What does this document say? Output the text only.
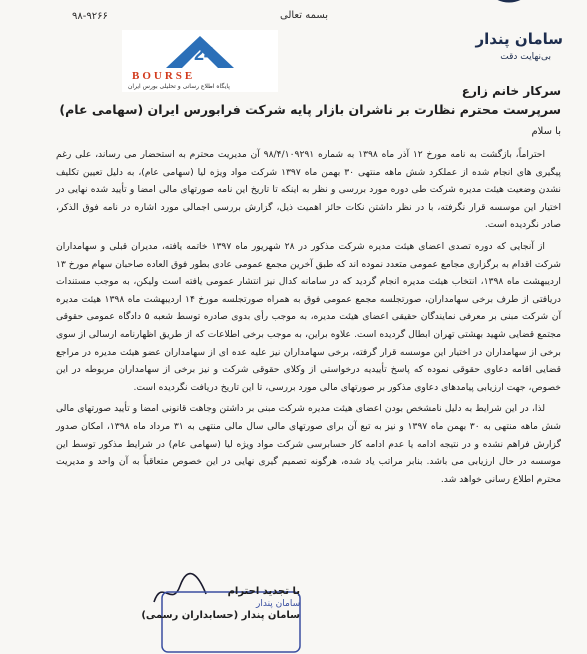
سامان پندار
بی‌نهایت دقت
بسمه تعالی
۹۸-۹۲۶۶
24
BOURSE
پایگاه اطلاع رسانی و تحلیلی بورس ایران	سرکار خانم زارع
سرپرست محترم نظارت بر ناشران بازار پایه شرکت فرابورس ایران (سهامی عام)
با سلام

احتراماً، بازگشت به نامه مورخ ۱۲ آذر ماه ۱۳۹۸ به شماره ۹۸/۴/۱۰۹۲۹۱ آن مدیریت محترم به استحضار می رساند، علی رغم پیگیری های انجام شده از عملکرد شش ماهه منتهی ۳۰ بهمن ماه ۱۳۹۷ شرکت مواد ویژه لیا (سهامی عام)، به دلیل تعیین تکلیف نشدن وضعیت هیئت مدیره شرکت طی دوره مورد بررسی و نظر به اینکه تا تاریخ این نامه صورتهای مالی امضا و تأیید شده نهایی در اختیار این موسسه قرار نگرفته، با در نظر داشتن نکات حائز اهمیت ذیل، گزارش بررسی اجمالی مورد اشاره در نامه فوق الذکر، صادر نگردیده است.

از آنجایی که دوره تصدی اعضای هیئت مدیره شرکت مذکور در ۲۸ شهریور ماه ۱۳۹۷ خاتمه یافته، مدیران قبلی و سهامداران شرکت اقدام به برگزاری مجامع عمومی متعدد نموده اند که طبق آخرین مجمع عمومی عادی بطور فوق العاده صاحبان سهام مورخ ۱۳ اردیبهشت ماه ۱۳۹۸، انتخاب هیئت مدیره انجام گردید که در سامانه کدال نیز انتشار عمومی یافته است ولیکن، به موجب مستندات دریافتی از طرف برخی سهامداران، صورتجلسه مجمع عمومی فوق به همراه صورتجلسه مورخ ۱۴ اردیبهشت ماه ۱۳۹۸ هیئت مدیره آن شرکت مبنی بر معرفی نمایندگان حقیقی اعضای هیئت مدیره، به موجب رأی بدوی صادره توسط شعبه ۵ دادگاه عمومی حقوقی مجتمع قضایی شهید بهشتی تهران ابطال گردیده است. علاوه براین، به موجب برخی اطلاعات که از طریق اظهارنامه ارسالی از سوی برخی از سهامداران در اختیار این موسسه قرار گرفته، برخی سهامداران نیز علیه عده ای از سهامداران عضو هیئت مدیره در مراجع قضایی اقامه دعاوی حقوقی نموده که پاسخ تأییدیه درخواستی از وکلای حقوقی شرکت و نیز برخی از سهامداران مربوطه در این خصوص، جهت ارزیابی پیامدهای دعاوی مذکور بر صورتهای مالی مورد بررسی، تا این تاریخ دریافت نگردیده است.

لذا، در این شرایط به دلیل نامشخص بودن اعضای هیئت مدیره شرکت مبنی بر داشتن وجاهت قانونی امضا و تأیید صورتهای مالی شش ماهه منتهی به ۳۰ بهمن ماه ۱۳۹۷ و نیز به تبع آن برای صورتهای مالی سال مالی منتهی به ۳۱ مرداد ماه ۱۳۹۸، امکان صدور گزارش فراهم نشده و در نتیجه ادامه یا عدم ادامه کار حسابرسی شرکت مواد ویژه لیا (سهامی عام) در شرایط مذکور توسط این موسسه در حال ارزیابی می باشد. بنابر مراتب یاد شده، هرگونه تصمیم گیری نهایی در این خصوص متعاقباً به آن واحد و مدیریت محترم اطلاع رسانی خواهد شد.

سامان پندار
با تجدید احترام
سامان پندار (حسابداران رسمی)
